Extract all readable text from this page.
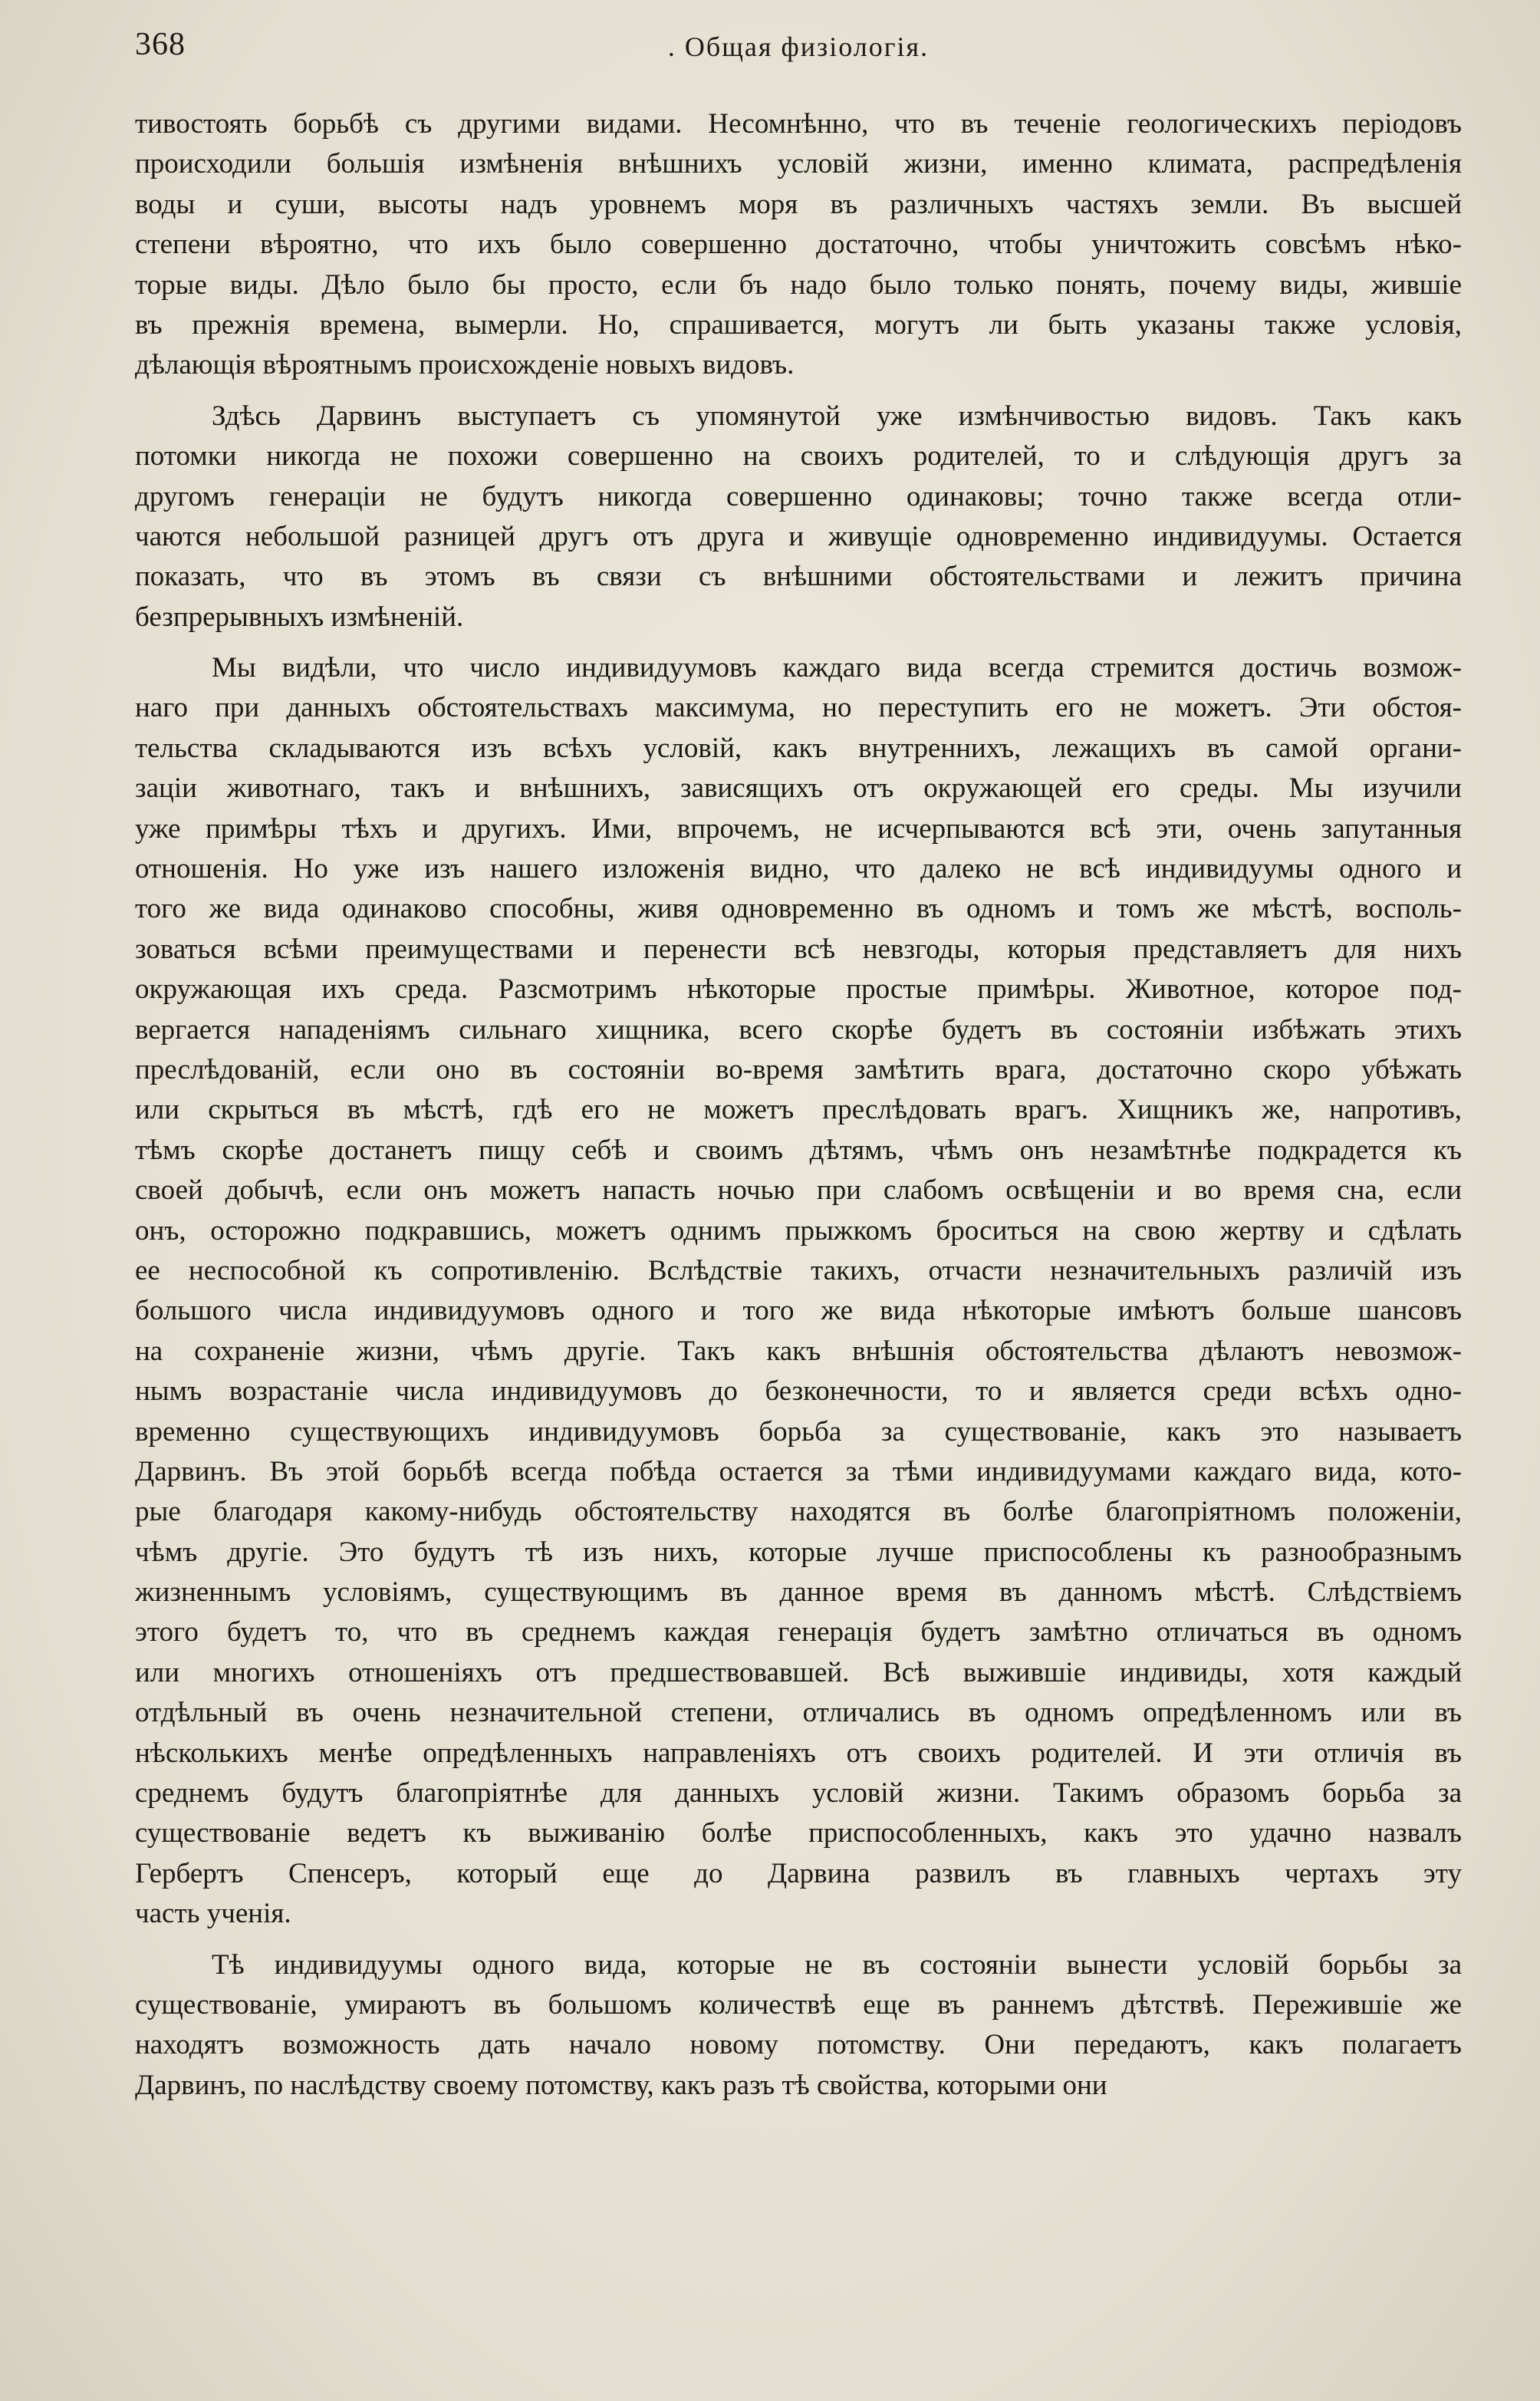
368	. Общая физiологiя.
тивостоять борьбѣ съ другими видами. Несомнѣнно, что въ теченiе геологическихъ перiодовъ
происходили большiя измѣненiя внѣшнихъ условiй жизни, именно климата, распредѣленiя
воды и суши, высоты надъ уровнемъ моря въ различныхъ частяхъ земли. Въ высшей
степени вѣроятно, что ихъ было совершенно достаточно, чтобы уничтожить совсѣмъ нѣко-
торые виды. Дѣло было бы просто, если бъ надо было только понять, почему виды, жившiе
въ прежнiя времена, вымерли. Но, спрашивается, могутъ ли быть указаны также условiя,
дѣлающiя вѣроятнымъ происхожденiе новыхъ видовъ.
Здѣсь Дарвинъ выступаетъ съ упомянутой уже измѣнчивостью видовъ. Такъ какъ
потомки никогда не похожи совершенно на своихъ родителей, то и слѣдующiя другъ за
другомъ генерацiи не будутъ никогда совершенно одинаковы; точно также всегда отли-
чаются небольшой разницей другъ отъ друга и живущiе одновременно индивидуумы. Остается
показать, что въ этомъ въ связи съ внѣшними обстоятельствами и лежитъ причина
безпрерывныхъ измѣненiй.
Мы видѣли, что число индивидуумовъ каждаго вида всегда стремится достичь возмож-
наго при данныхъ обстоятельствахъ максимума, но переступить его не можетъ. Эти обстоя-
тельства складываются изъ всѣхъ условiй, какъ внутреннихъ, лежащихъ въ самой органи-
зацiи животнаго, такъ и внѣшнихъ, зависящихъ отъ окружающей его среды. Мы изучили
уже примѣры тѣхъ и другихъ. Ими, впрочемъ, не исчерпываются всѣ эти, очень запутанныя
отношенiя. Но уже изъ нашего изложенiя видно, что далеко не всѣ индивидуумы одного и
того же вида одинаково способны, живя одновременно въ одномъ и томъ же мѣстѣ, восполь-
зоваться всѣми преимуществами и перенести всѣ невзгоды, которыя представляетъ для нихъ
окружающая ихъ среда. Разсмотримъ нѣкоторые простые примѣры. Животное, которое под-
вергается нападенiямъ сильнаго хищника, всего скорѣе будетъ въ состоянiи избѣжать этихъ
преслѣдованiй, если оно въ состоянiи во-время замѣтить врага, достаточно скоро убѣжать
или скрыться въ мѣстѣ, гдѣ его не можетъ преслѣдовать врагъ. Хищникъ же, напротивъ,
тѣмъ скорѣе достанетъ пищу себѣ и своимъ дѣтямъ, чѣмъ онъ незамѣтнѣе подкрадется къ
своей добычѣ, если онъ можетъ напасть ночью при слабомъ освѣщенiи и во время сна, если
онъ, осторожно подкравшись, можетъ однимъ прыжкомъ броситься на свою жертву и сдѣлать
ее неспособной къ сопротивленiю. Вслѣдствiе такихъ, отчасти незначительныхъ различiй изъ
большого числа индивидуумовъ одного и того же вида нѣкоторые имѣютъ больше шансовъ
на сохраненiе жизни, чѣмъ другiе. Такъ какъ внѣшнiя обстоятельства дѣлаютъ невозмож-
нымъ возрастанiе числа индивидуумовъ до безконечности, то и является среди всѣхъ одно-
временно существующихъ индивидуумовъ борьба за существованiе, какъ это называетъ
Дарвинъ. Въ этой борьбѣ всегда побѣда остается за тѣми индивидуумами каждаго вида, кото-
рые благодаря какому-нибудь обстоятельству находятся въ болѣе благопрiятномъ положенiи,
чѣмъ другiе. Это будутъ тѣ изъ нихъ, которые лучше приспособлены къ разнообразнымъ
жизненнымъ условiямъ, существующимъ въ данное время въ данномъ мѣстѣ. Слѣдствiемъ
этого будетъ то, что въ среднемъ каждая генерацiя будетъ замѣтно отличаться въ одномъ
или многихъ отношенiяхъ отъ предшествовавшей. Всѣ выжившiе индивиды, хотя каждый
отдѣльный въ очень незначительной степени, отличались въ одномъ опредѣленномъ или въ
нѣсколькихъ менѣе опредѣленныхъ направленiяхъ отъ своихъ родителей. И эти отличiя въ
среднемъ будутъ благопрiятнѣе для данныхъ условiй жизни. Такимъ образомъ борьба за
существованiе ведетъ къ выживанiю болѣе приспособленныхъ, какъ это удачно назвалъ
Гербертъ Спенсеръ, который еще до Дарвина развилъ въ главныхъ чертахъ эту
часть ученiя.
Тѣ индивидуумы одного вида, которые не въ состоянiи вынести условiй борьбы за
существованiе, умираютъ въ большомъ количествѣ еще въ раннемъ дѣтствѣ. Пережившiе же
находятъ возможность дать начало новому потомству. Они передаютъ, какъ полагаетъ
Дарвинъ, по наслѣдству своему потомству, какъ разъ тѣ свойства, которыми они
